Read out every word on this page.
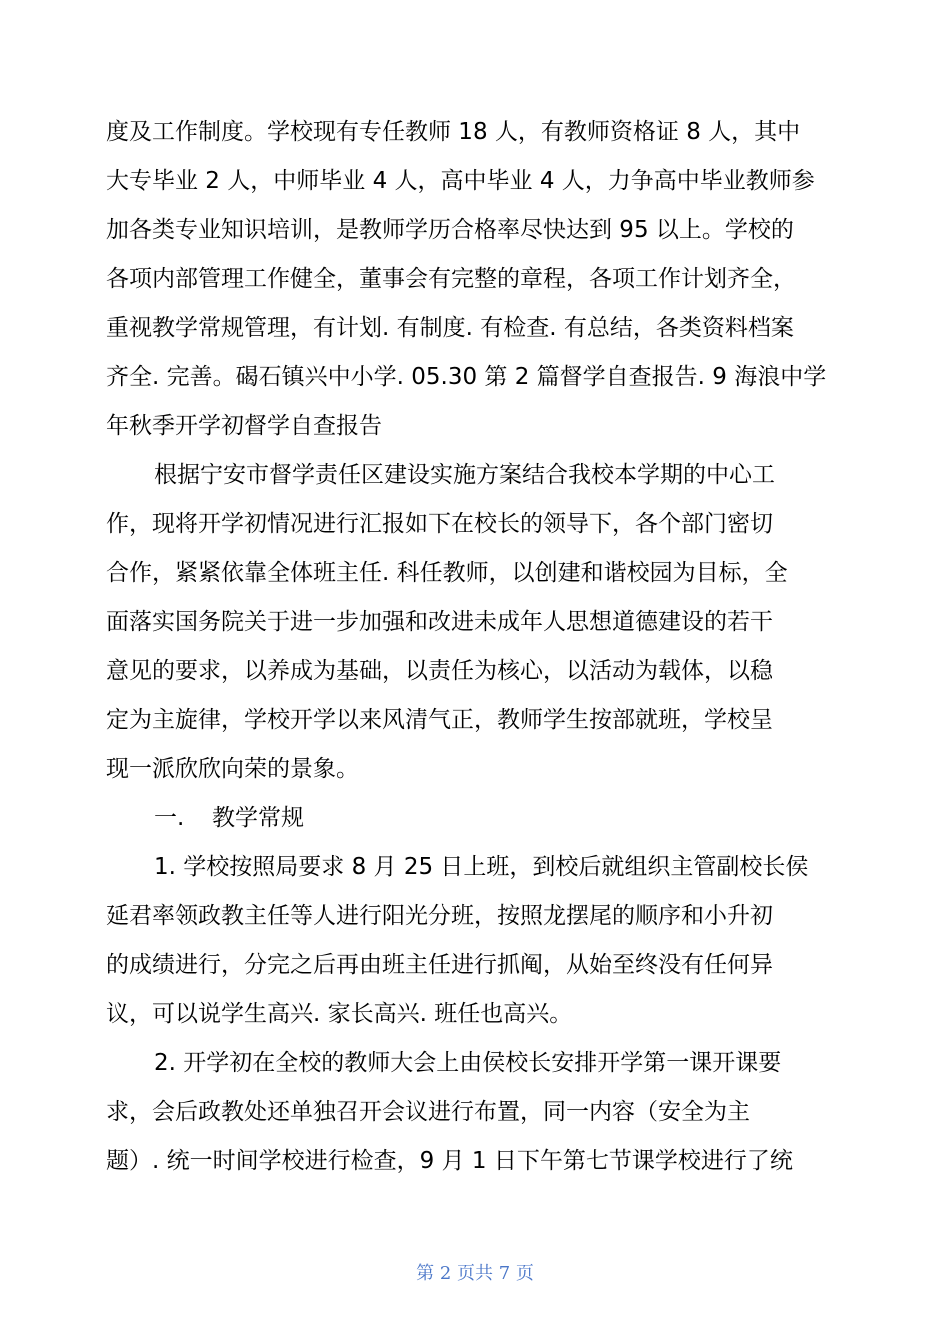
度及工作制度。学校现有专任教师 18 人，有教师资格证 8 人，其中
大专毕业 2 人，中师毕业 4 人，高中毕业 4 人，力争高中毕业教师参
加各类专业知识培训，是教师学历合格率尽快达到 95 以上。学校的
各项内部管理工作健全，董事会有完整的章程，各项工作计划齐全，
重视教学常规管理，有计划. 有制度. 有检查. 有总结，各类资料档案
齐全. 完善。碣石镇兴中小学. 05.30 第 2 篇督学自查报告. 9 海浪中学
年秋季开学初督学自查报告
根据宁安市督学责任区建设实施方案结合我校本学期的中心工
作，现将开学初情况进行汇报如下在校长的领导下，各个部门密切
合作，紧紧依靠全体班主任. 科任教师，以创建和谐校园为目标，全
面落实国务院关于进一步加强和改进未成年人思想道德建设的若干
意见的要求，以养成为基础，以责任为核心，以活动为载体，以稳
定为主旋律，学校开学以来风清气正，教师学生按部就班，学校呈
现一派欣欣向荣的景象。
一. 教学常规
1. 学校按照局要求 8 月 25 日上班，到校后就组织主管副校长侯
延君率领政教主任等人进行阳光分班，按照龙摆尾的顺序和小升初
的成绩进行，分完之后再由班主任进行抓阄，从始至终没有任何异
议，可以说学生高兴. 家长高兴. 班任也高兴。
2. 开学初在全校的教师大会上由侯校长安排开学第一课开课要
求，会后政教处还单独召开会议进行布置，同一内容（安全为主
题）. 统一时间学校进行检查，9 月 1 日下午第七节课学校进行了统
第 2 页共 7 页
